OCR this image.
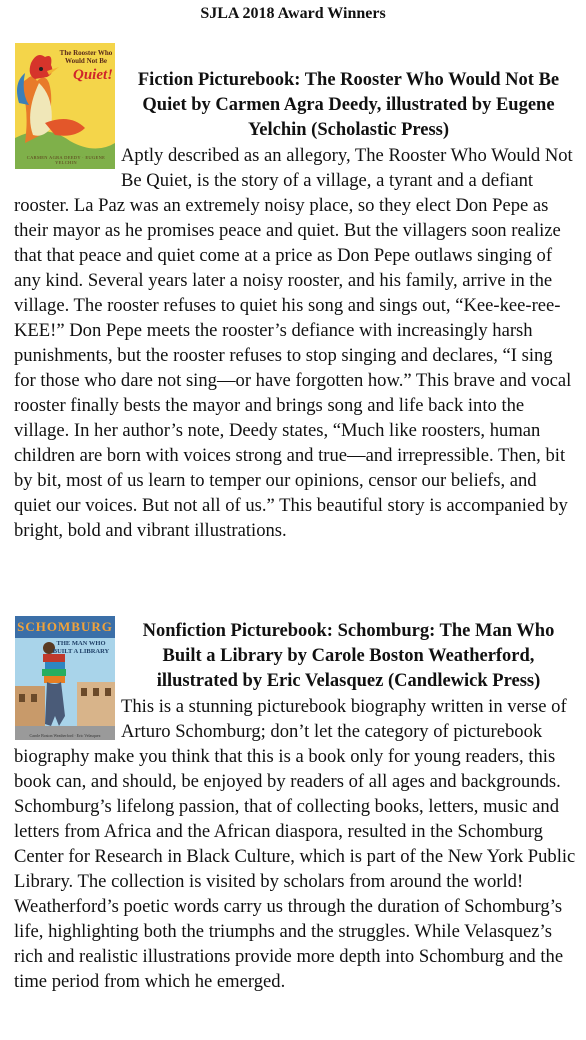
SJLA 2018 Award Winners
The Rooster Who Would Not Be
Quiet!
CARMEN AGRA DEEDY · EUGENE YELCHIN
Fiction Picturebook: The Rooster Who Would Not Be Quiet by Carmen Agra Deedy, illustrated by Eugene Yelchin (Scholastic Press)
Aptly described as an allegory, The Rooster Who Would Not Be Quiet, is the story of a village, a tyrant and a defiant rooster. La Paz was an extremely noisy place, so they elect Don Pepe as their mayor as he promises peace and quiet. But the villagers soon realize that that peace and quiet come at a price as Don Pepe outlaws singing of any kind. Several years later a noisy rooster, and his family, arrive in the village. The rooster refuses to quiet his song and sings out, “Kee-kee-ree-KEE!” Don Pepe meets the rooster’s defiance with increasingly harsh punishments, but the rooster refuses to stop singing and declares, “I sing for those who dare not sing—or have forgotten how.” This brave and vocal rooster finally bests the mayor and brings song and life back into the village. In her author’s note, Deedy states, “Much like roosters, human children are born with voices strong and true—and irrepressible. Then, bit by bit, most of us learn to temper our opinions, censor our beliefs, and quiet our voices. But not all of us.” This beautiful story is accompanied by bright, bold and vibrant illustrations.
SCHOMBURG
THE MAN WHO BUILT A LIBRARY
Carole Boston Weatherford · Eric Velasquez
Nonfiction Picturebook: Schomburg: The Man Who Built a Library by Carole Boston Weatherford, illustrated by Eric Velasquez (Candlewick Press)
This is a stunning picturebook biography written in verse of Arturo Schomburg; don’t let the category of picturebook biography make you think that this is a book only for young readers, this book can, and should, be enjoyed by readers of all ages and backgrounds. Schomburg’s lifelong passion, that of collecting books, letters, music and letters from Africa and the African diaspora, resulted in the Schomburg Center for Research in Black Culture, which is part of the New York Public Library. The collection is visited by scholars from around the world! Weatherford’s poetic words carry us through the duration of Schomburg’s life, highlighting both the triumphs and the struggles. While Velasquez’s rich and realistic illustrations provide more depth into Schomburg and the time period from which he emerged.
